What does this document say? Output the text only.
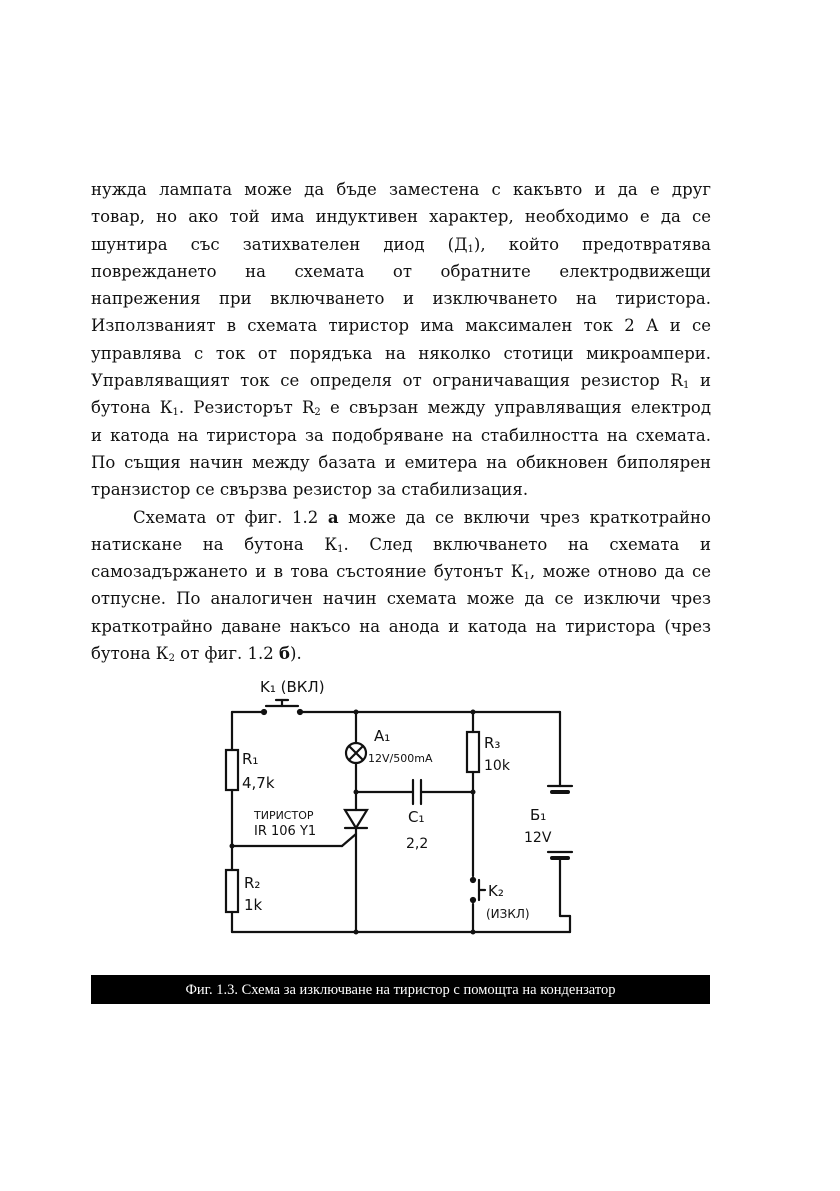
нужда лампата може да бъде заместена с какъвто и да е друг
товар, но ако той има индуктивен характер, необходимо е да се
шунтира със затихвателен диод $(Д_1)$, който предотвратява
повреждането на схемата от обратните електродвижещи
напрежения при включването и изключването на тиристора.
Използваният в схемата тиристор има максимален ток 2 А и се
управлява с ток от порядъка на няколко стотици микроампери.
Управляващият ток се определя от ограничаващия резистор $R_1$ и
бутона $К_1$. Резисторът $R_2$ е свързан между управляващия електрод
и катода на тиристора за подобряване на стабилността на схемата.
По същия начин между базата и емитера на обикновен биполярен
транзистор се свързва резистор за стабилизация.
Схемата от фиг. 1.2 а може да се включи чрез краткотрайно
натискане на бутона $К_1$. След включването на схемата и
самозадържането и в това състояние бутонът $К_1$, може отново да се
отпусне. По аналогичен начин схемата може да се изключи чрез
краткотрайно даване накъсо на анода и катода на тиристора (чрез
бутона $К_2$ от фиг. 1.2 б).
K₁ (ВКЛ)
A₁
12V/500mA
R₃
10k
R₁
4,7k
ТИРИСТОР
IR 106 Y1
C₁
2,2
Б₁
12V
R₂
1k
K₂
(ИЗКЛ)
Фиг. 1.3. Схема за изключване на тиристор с помощта на кондензатор
